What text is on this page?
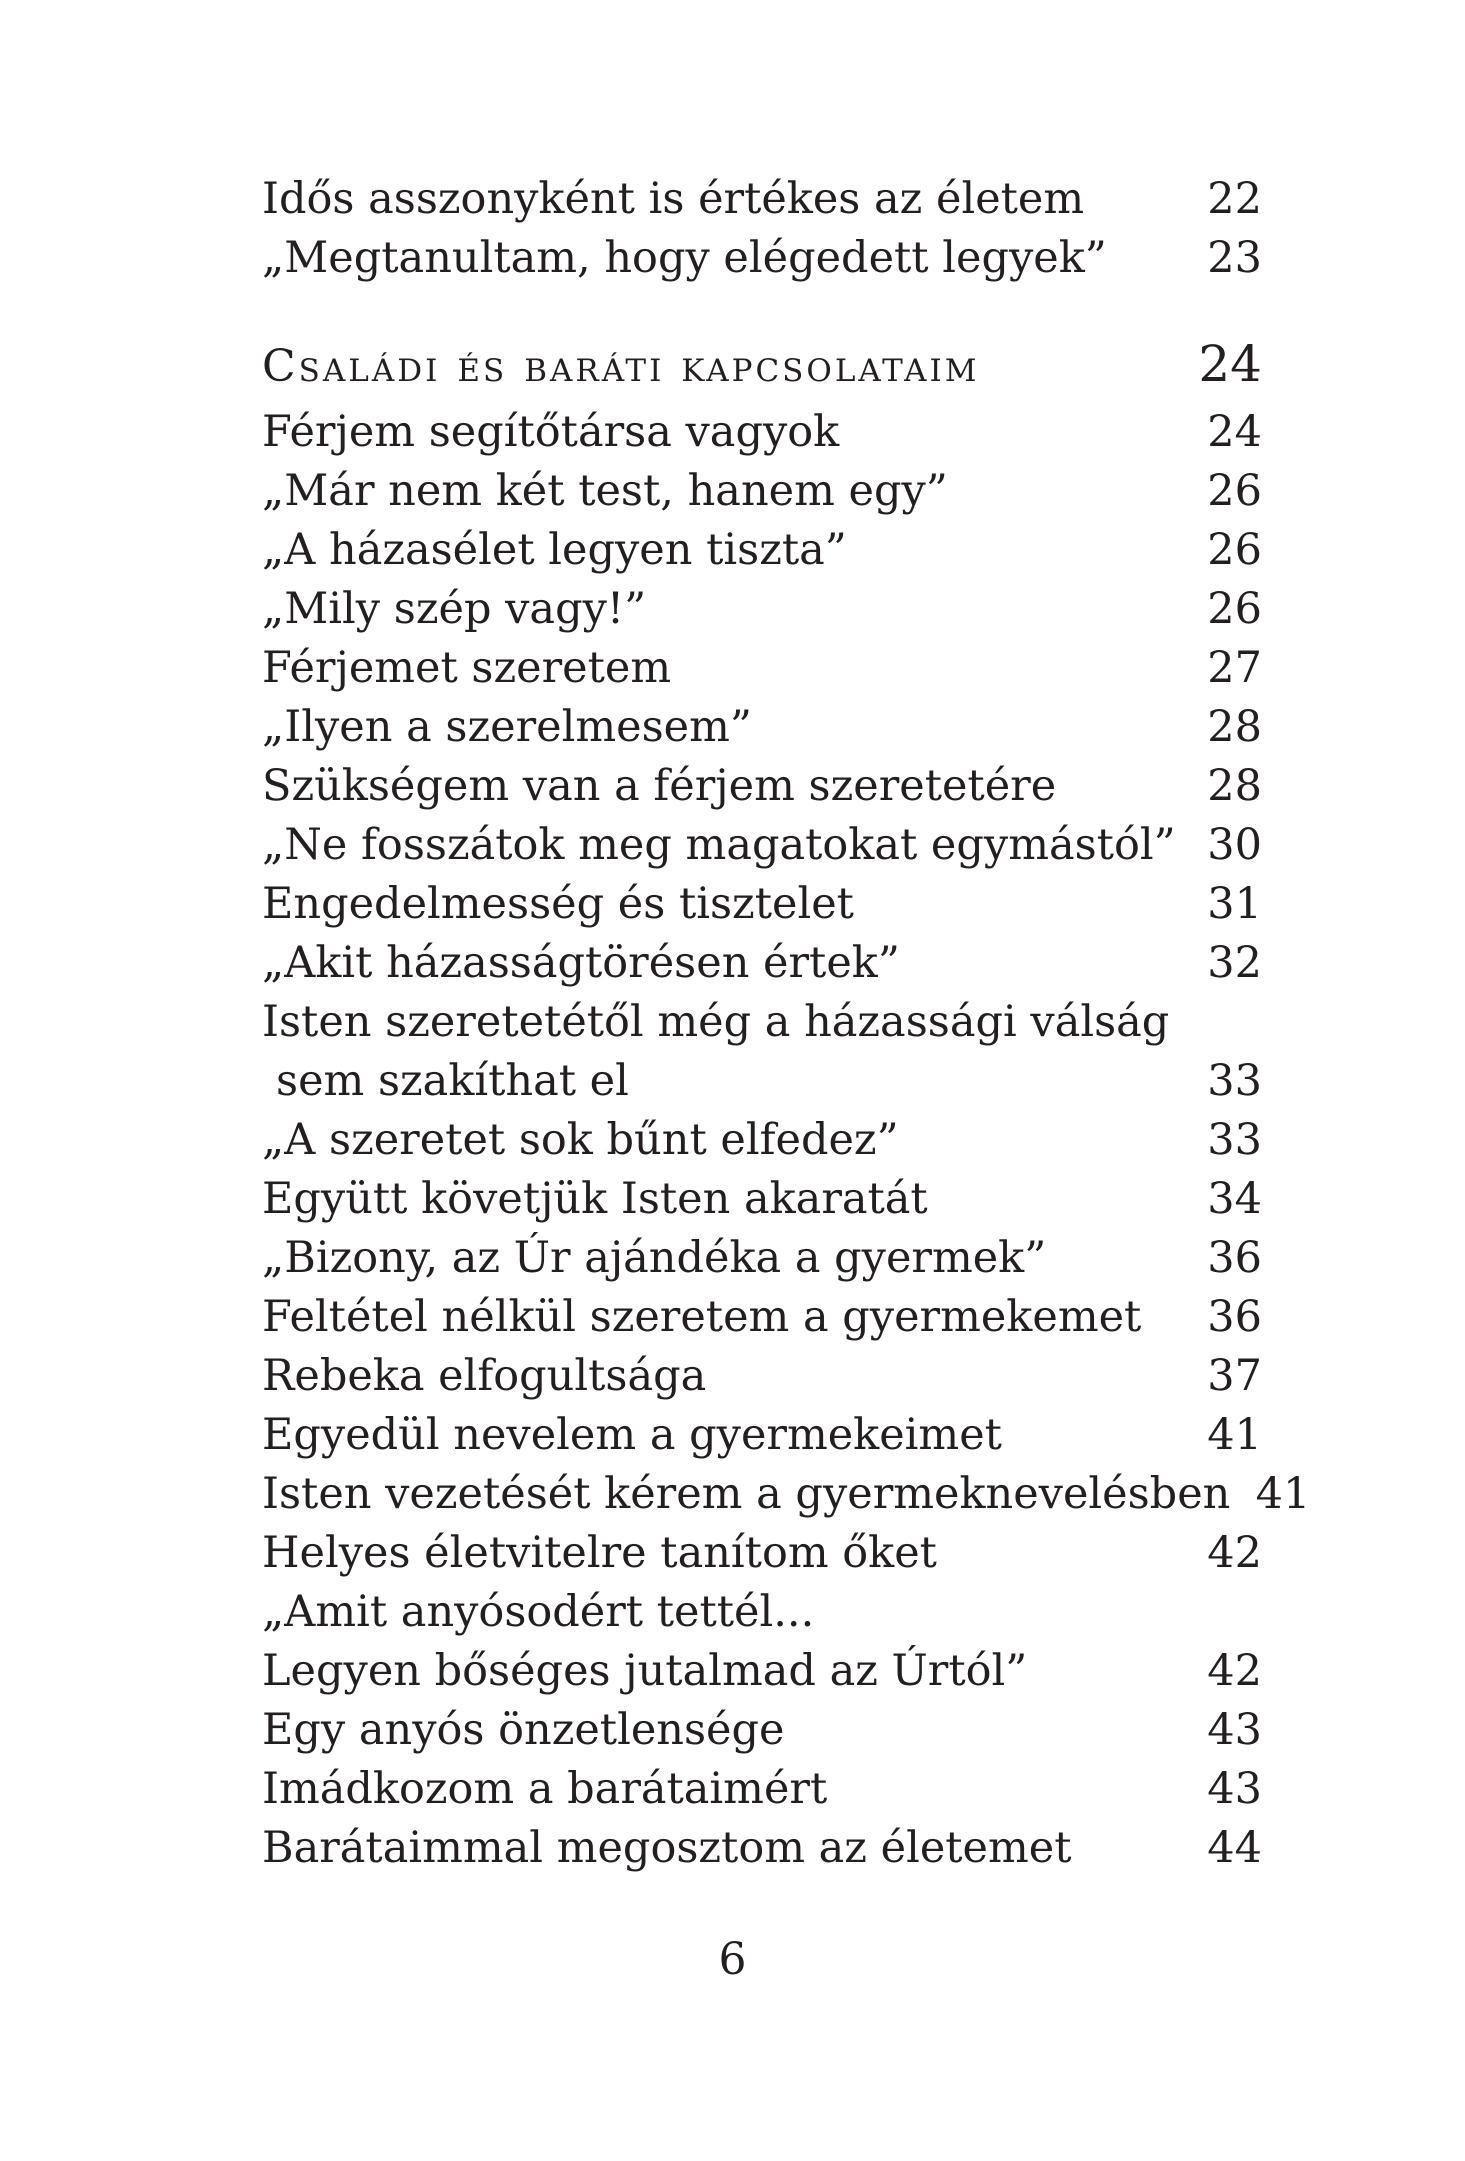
Idős asszonyként is értékes az életem	22
„Megtanultam, hogy elégedett legyek”	23
Családi és baráti kapcsolataim	24
Férjem segítőtársa vagyok	24
„Már nem két test, hanem egy”	26
„A házasélet legyen tiszta”	26
„Mily szép vagy!”	26
Férjemet szeretem	27
„Ilyen a szerelmesem”	28
Szükségem van a férjem szeretetére	28
„Ne fosszátok meg magatokat egymástól” 30
Engedelmesség és tisztelet	31
„Akit házasságtörésen értek”	32
Isten szeretetétől még a házassági válság
sem szakíthat el	33
„A szeretet sok bűnt elfedez”	33
Együtt követjük Isten akaratát	34
„Bizony, az Úr ajándéka a gyermek”	36
Feltétel nélkül szeretem a gyermekemet	36
Rebeka elfogultsága	37
Egyedül nevelem a gyermekeimet	41
Isten vezetését kérem a gyermeknevelésben 41
Helyes életvitelre tanítom őket	42
„Amit anyósodért tettél...
Legyen bőséges jutalmad az Úrtól”	42
Egy anyós önzetlensége	43
Imádkozom a barátaimért	43
Barátaimmal megosztom az életemet	44
6
